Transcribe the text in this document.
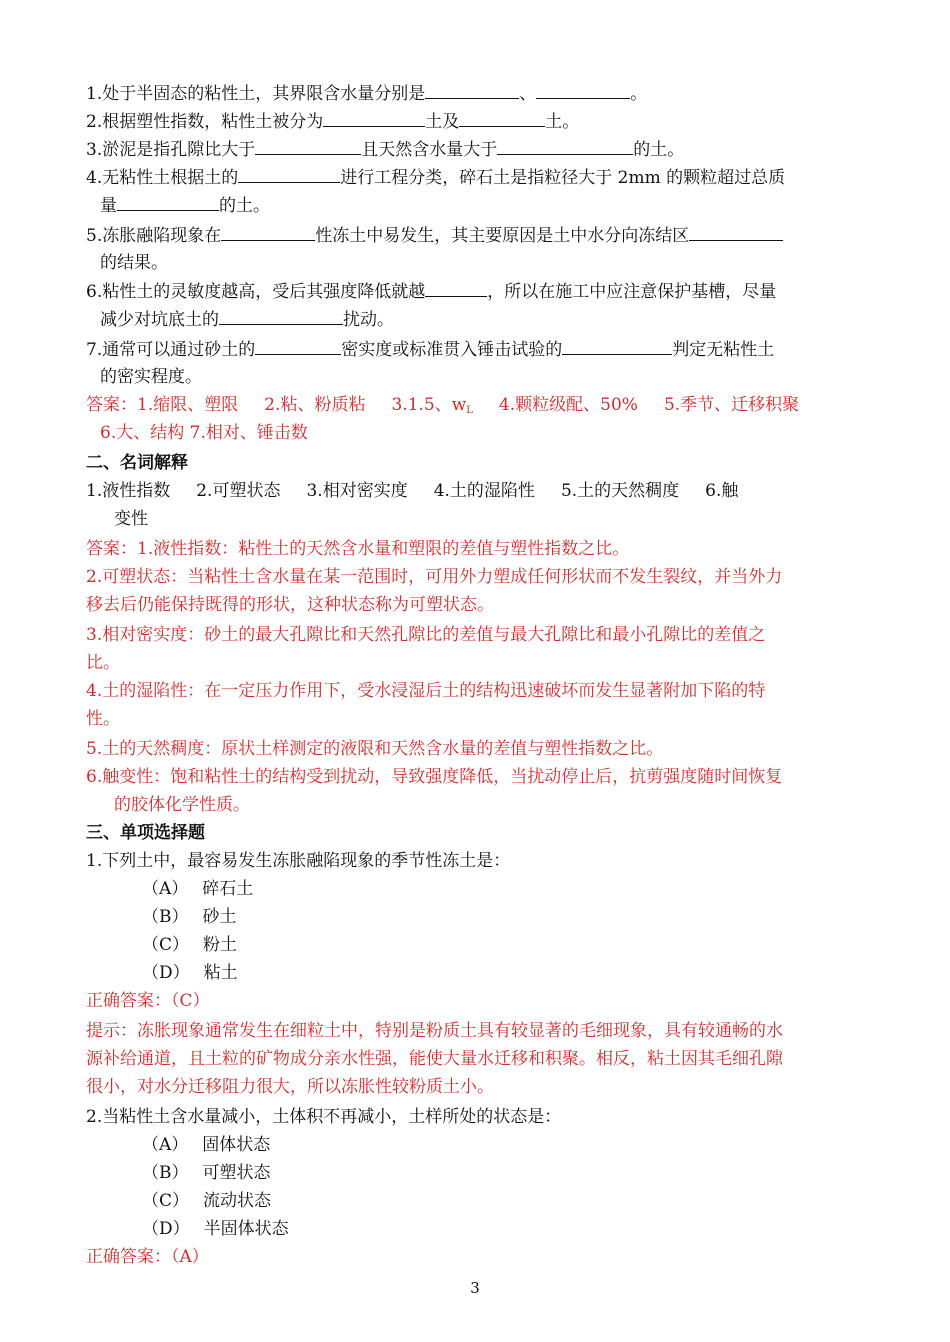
1.处于半固态的粘性土，其界限含水量分别是	、	。
2.根据塑性指数，粘性土被分为	土及	土。
3.淤泥是指孔隙比大于	且天然含水量大于	的土。
4.无粘性土根据土的	进行工程分类，碎石土是指粒径大于 2mm 的颗粒超过总质
量	的土。
5.冻胀融陷现象在	性冻土中易发生，其主要原因是土中水分向冻结区
的结果。
6.粘性土的灵敏度越高，受后其强度降低就越	，所以在施工中应注意保护基槽，尽量
减少对坑底土的	扰动。
7.通常可以通过砂土的	密实度或标准贯入锤击试验的	判定无粘性土
的密实程度。
答案：1.缩限、塑限 2.粘、粉质粘 3.1.5、$w_L$ 4.颗粒级配、50% 5.季节、迁移积聚
6.大、结构 7.相对、锤击数
二、名词解释
1.液性指数 2.可塑状态 3.相对密实度 4.土的湿陷性 5.土的天然稠度 6.触
变性
答案：1.液性指数：粘性土的天然含水量和塑限的差值与塑性指数之比。
2.可塑状态：当粘性土含水量在某一范围时，可用外力塑成任何形状而不发生裂纹，并当外力
移去后仍能保持既得的形状，这种状态称为可塑状态。
3.相对密实度：砂土的最大孔隙比和天然孔隙比的差值与最大孔隙比和最小孔隙比的差值之
比。
4.土的湿陷性：在一定压力作用下，受水浸湿后土的结构迅速破坏而发生显著附加下陷的特
性。
5.土的天然稠度：原状土样测定的液限和天然含水量的差值与塑性指数之比。
6.触变性：饱和粘性土的结构受到扰动，导致强度降低，当扰动停止后，抗剪强度随时间恢复
的胶体化学性质。
三、单项选择题
1.下列土中，最容易发生冻胀融陷现象的季节性冻土是：
（A） 碎石土
（B） 砂土
（C） 粉土
（D） 粘土
正确答案：（C）
提示：冻胀现象通常发生在细粒土中，特别是粉质土具有较显著的毛细现象，具有较通畅的水
源补给通道，且土粒的矿物成分亲水性强，能使大量水迁移和积聚。相反，粘土因其毛细孔隙
很小，对水分迁移阻力很大，所以冻胀性较粉质土小。
2.当粘性土含水量减小，土体积不再减小，土样所处的状态是：
（A） 固体状态
（B） 可塑状态
（C） 流动状态
（D） 半固体状态
正确答案：（A）
3
